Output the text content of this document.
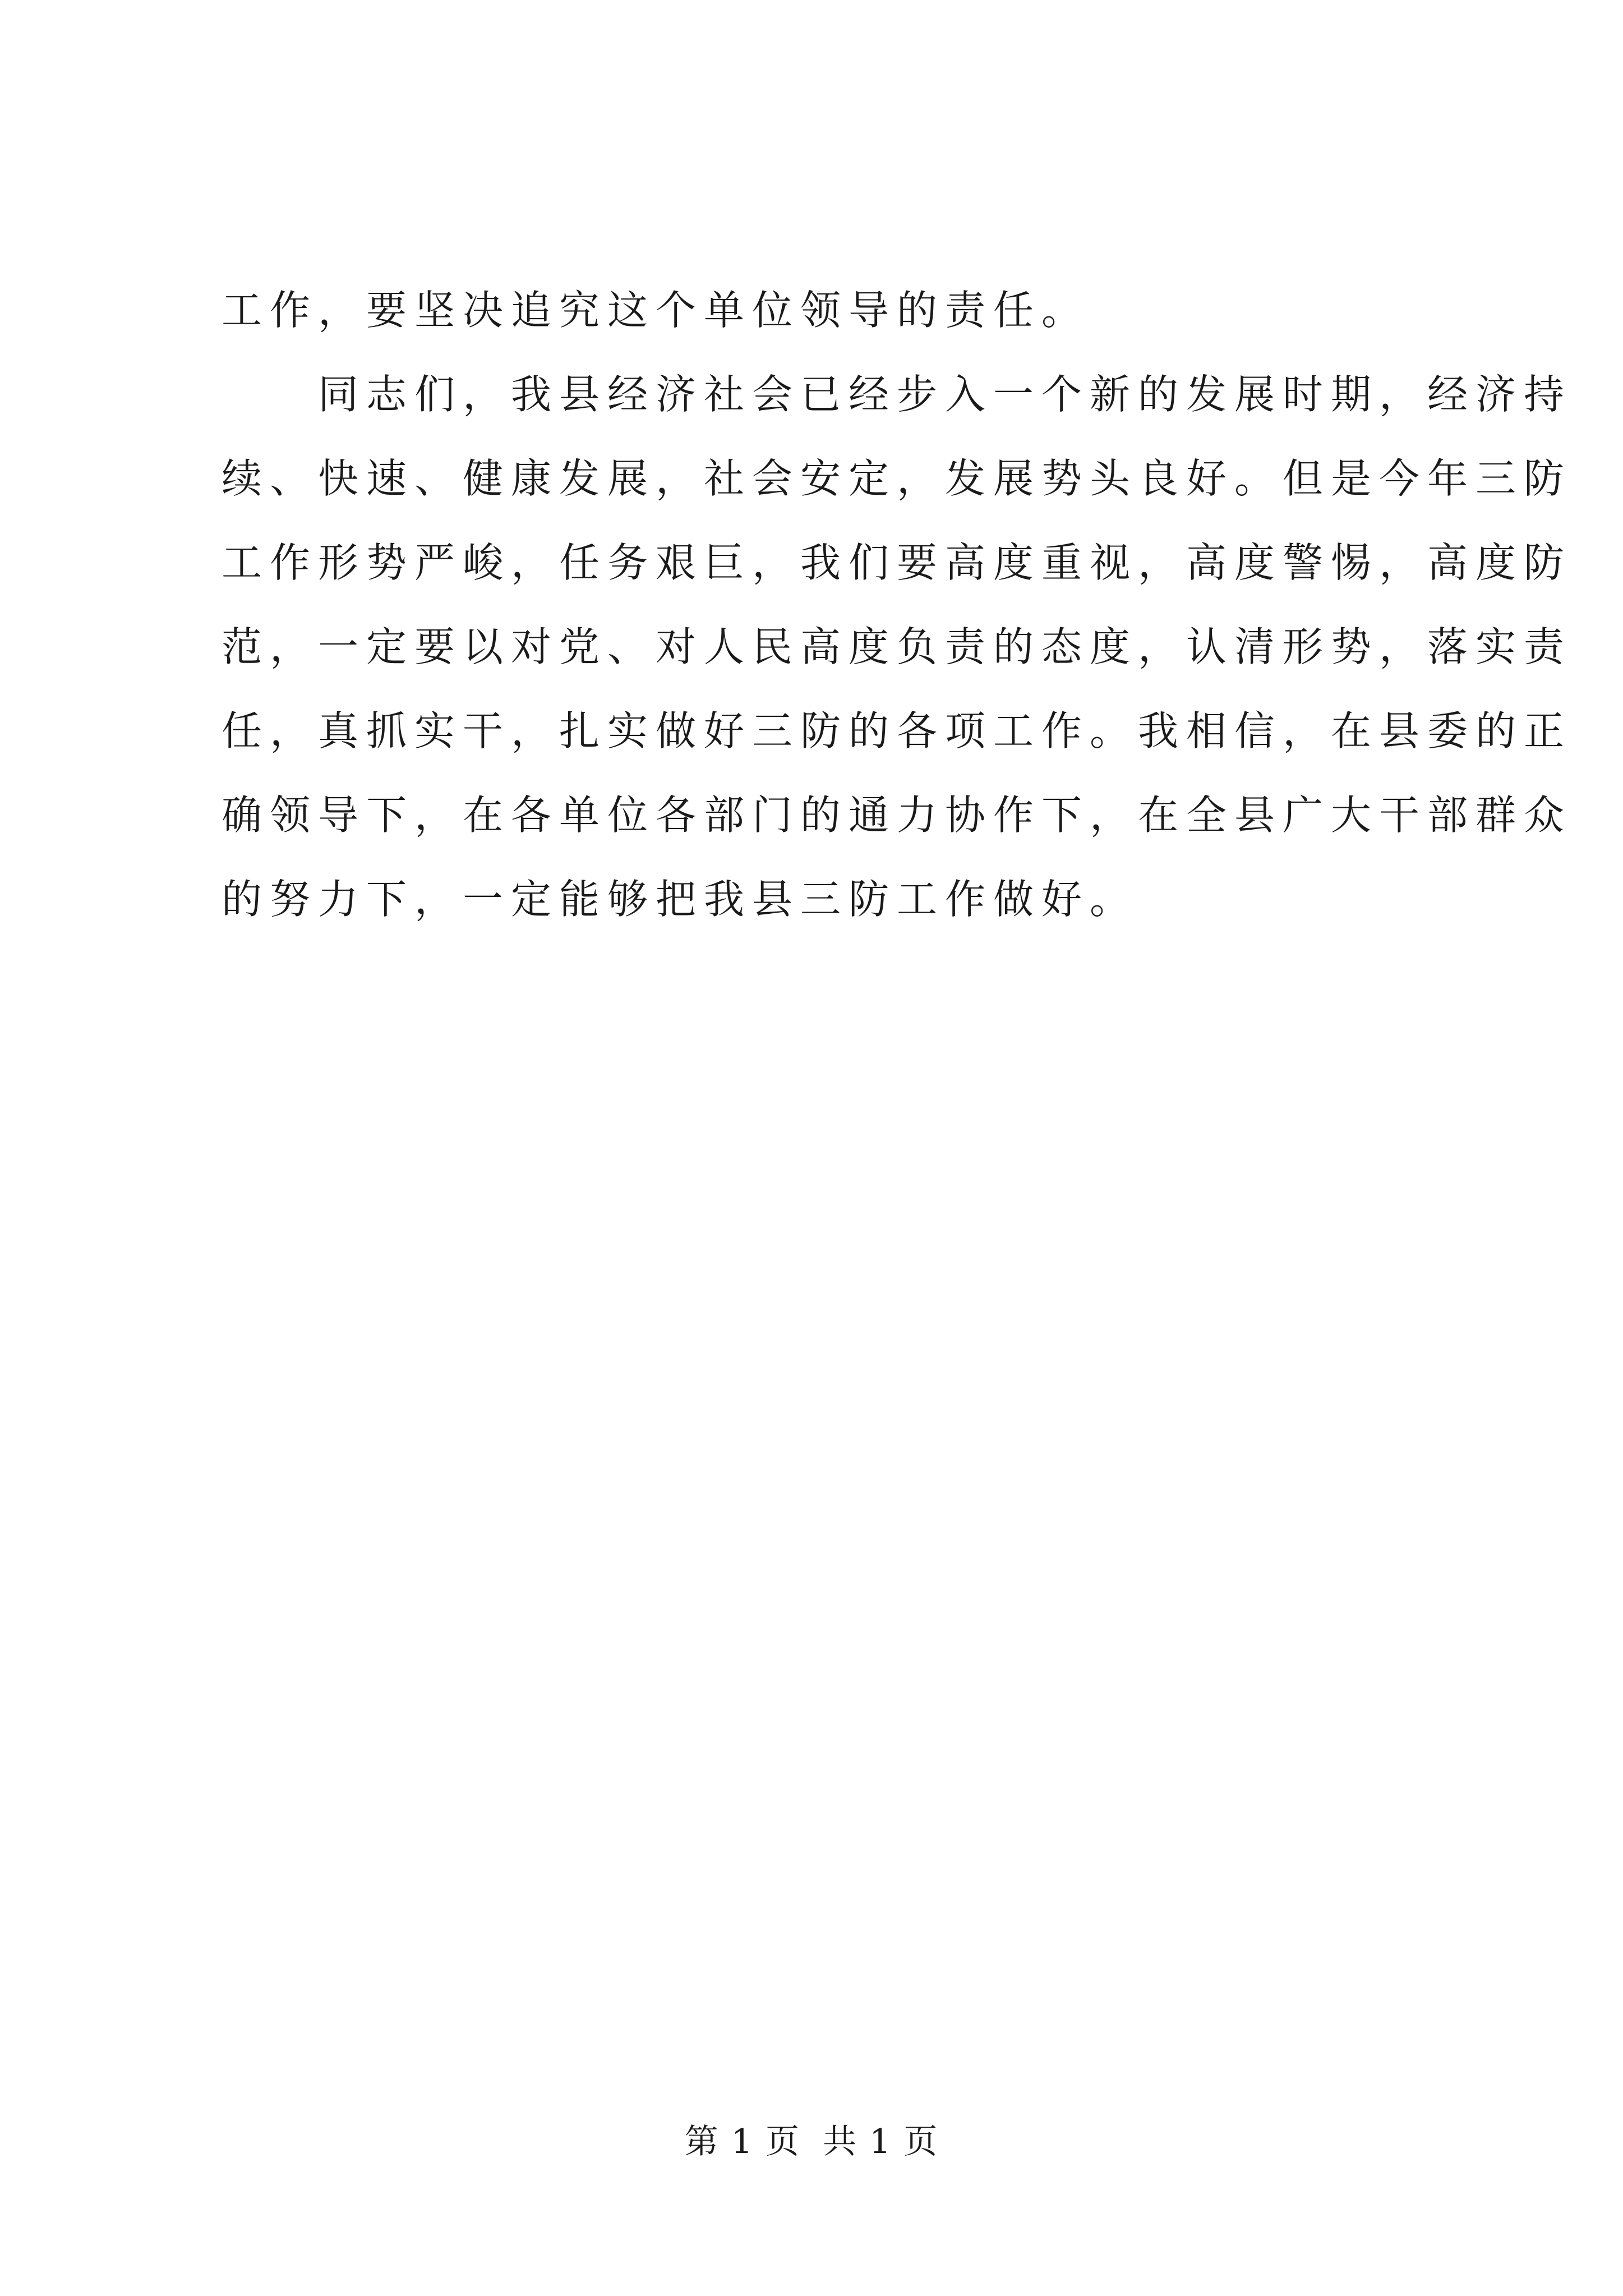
工作，要坚决追究这个单位领导的责任。
　　同志们，我县经济社会已经步入一个新的发展时期，经济持
续、快速、健康发展，社会安定，发展势头良好。但是今年三防
工作形势严峻，任务艰巨，我们要高度重视，高度警惕，高度防
范，一定要以对党、对人民高度负责的态度，认清形势，落实责
任，真抓实干，扎实做好三防的各项工作。我相信，在县委的正
确领导下，在各单位各部门的通力协作下，在全县广大干部群众
的努力下，一定能够把我县三防工作做好。
第 1 页 共 1 页
